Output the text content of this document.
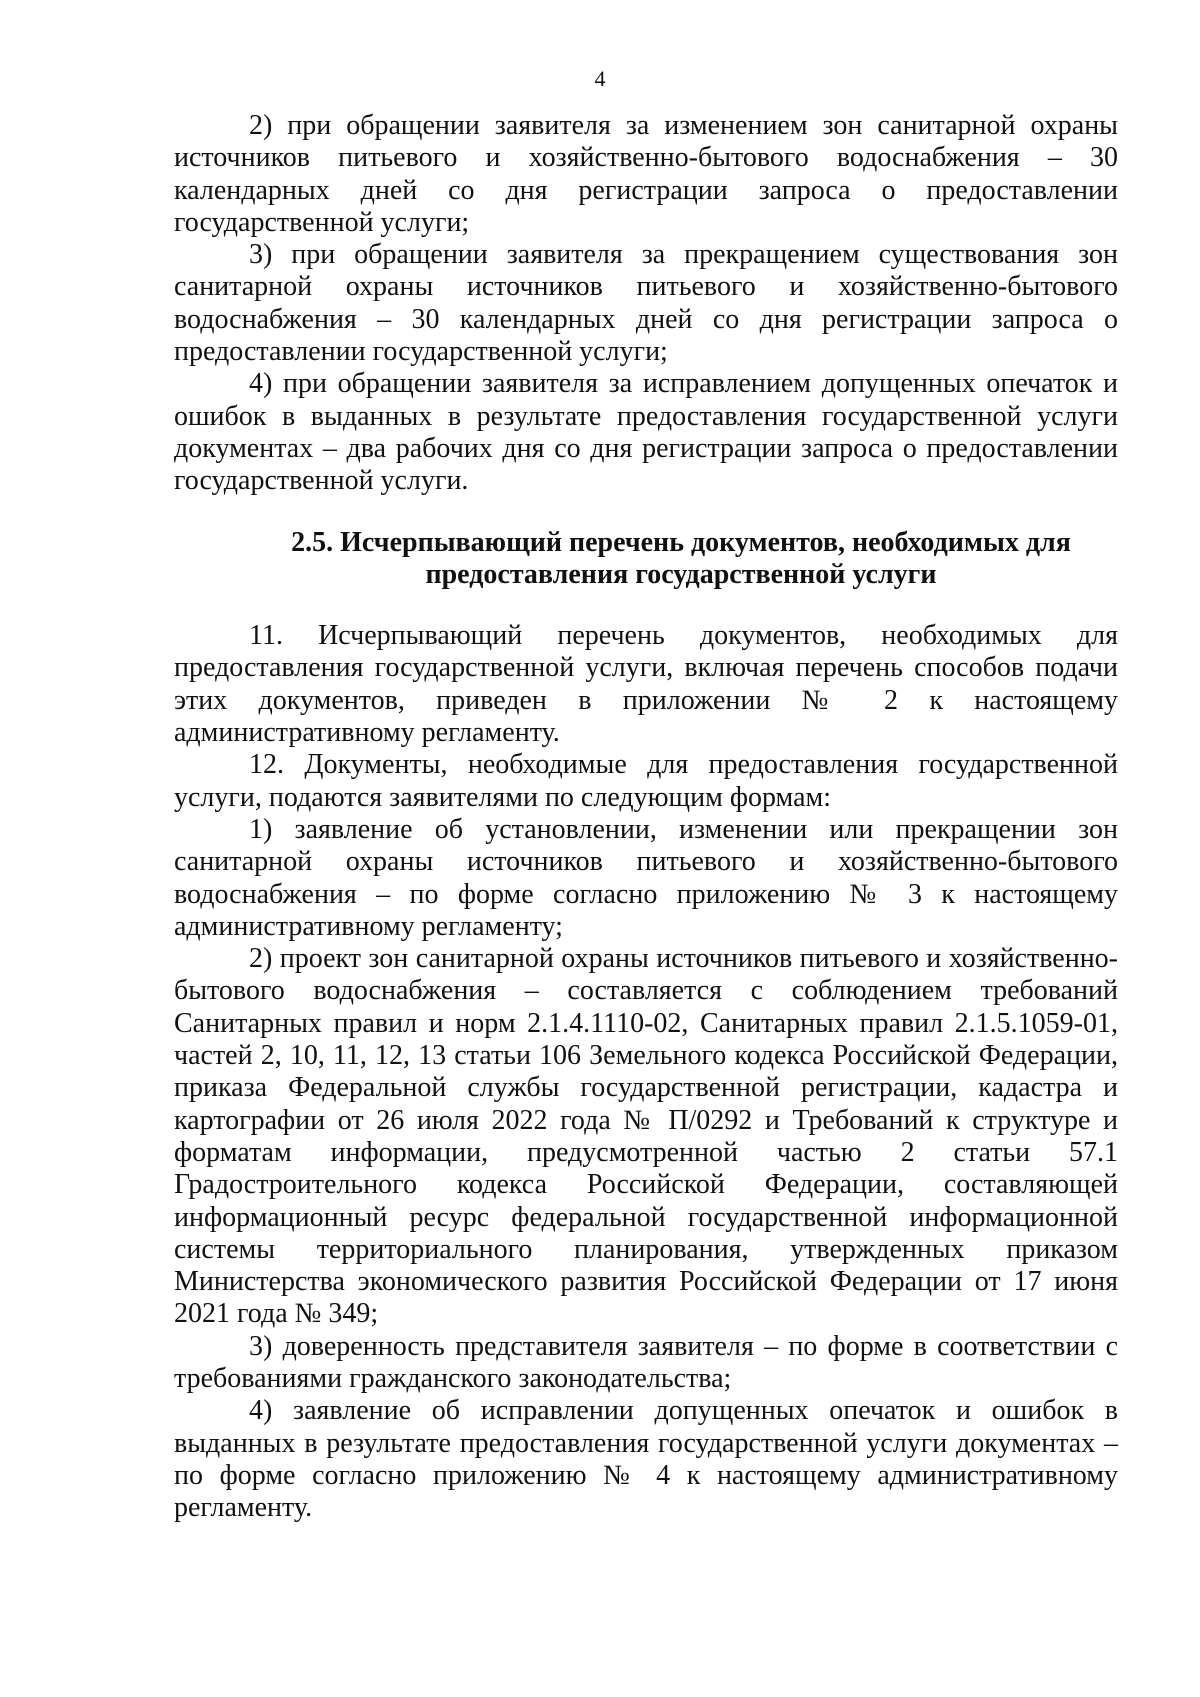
4

2) при обращении заявителя за изменением зон санитарной охраны источников питьевого и хозяйственно-бытового водоснабжения – 30 календарных дней со дня регистрации запроса о предоставлении государственной услуги;

3) при обращении заявителя за прекращением существования зон санитарной охраны источников питьевого и хозяйственно-бытового водоснабжения – 30 календарных дней со дня регистрации запроса о предоставлении государственной услуги;

4) при обращении заявителя за исправлением допущенных опечаток и ошибок в выданных в результате предоставления государственной услуги документах – два рабочих дня со дня регистрации запроса о предоставлении государственной услуги.

2.5. Исчерпывающий перечень документов, необходимых для предоставления государственной услуги

11. Исчерпывающий перечень документов, необходимых для предоставления государственной услуги, включая перечень способов подачи этих документов, приведен в приложении № 2 к настоящему административному регламенту.

12. Документы, необходимые для предоставления государственной услуги, подаются заявителями по следующим формам:

1) заявление об установлении, изменении или прекращении зон санитарной охраны источников питьевого и хозяйственно-бытового водоснабжения – по форме согласно приложению № 3 к настоящему административному регламенту;

2) проект зон санитарной охраны источников питьевого и хозяйственно-бытового водоснабжения – составляется с соблюдением требований Санитарных правил и норм 2.1.4.1110-02, Санитарных правил 2.1.5.1059-01, частей 2, 10, 11, 12, 13 статьи 106 Земельного кодекса Российской Федерации, приказа Федеральной службы государственной регистрации, кадастра и картографии от 26 июля 2022 года № П/0292 и Требований к структуре и форматам информации, предусмотренной частью 2 статьи 57.1 Градостроительного кодекса Российской Федерации, составляющей информационный ресурс федеральной государственной информационной системы территориального планирования, утвержденных приказом Министерства экономического развития Российской Федерации от 17 июня 2021 года № 349;

3) доверенность представителя заявителя – по форме в соответствии с требованиями гражданского законодательства;

4) заявление об исправлении допущенных опечаток и ошибок в выданных в результате предоставления государственной услуги документах – по форме согласно приложению № 4 к настоящему административному регламенту.
